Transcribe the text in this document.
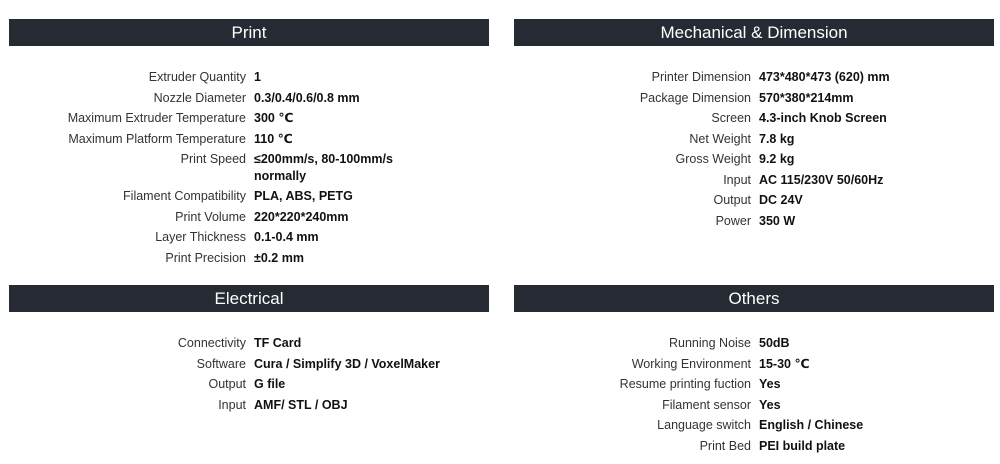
Print
Extruder Quantity 1
Nozzle Diameter 0.3/0.4/0.6/0.8 mm
Maximum Extruder Temperature 300 ℃
Maximum Platform Temperature 110 ℃
Print Speed ≤200mm/s, 80-100mm/s normally
Filament Compatibility PLA, ABS, PETG
Print Volume 220*220*240mm
Layer Thickness 0.1-0.4 mm
Print Precision ±0.2 mm
Mechanical & Dimension
Printer Dimension 473*480*473 (620) mm
Package Dimension 570*380*214mm
Screen 4.3-inch Knob Screen
Net Weight 7.8 kg
Gross Weight 9.2 kg
Input AC 115/230V 50/60Hz
Output DC 24V
Power 350 W
Electrical
Connectivity TF Card
Software Cura / Simplify 3D / VoxelMaker
Output G file
Input AMF/ STL / OBJ
Others
Running Noise 50dB
Working Environment 15-30 ℃
Resume printing fuction Yes
Filament sensor Yes
Language switch English / Chinese
Print Bed PEI build plate
